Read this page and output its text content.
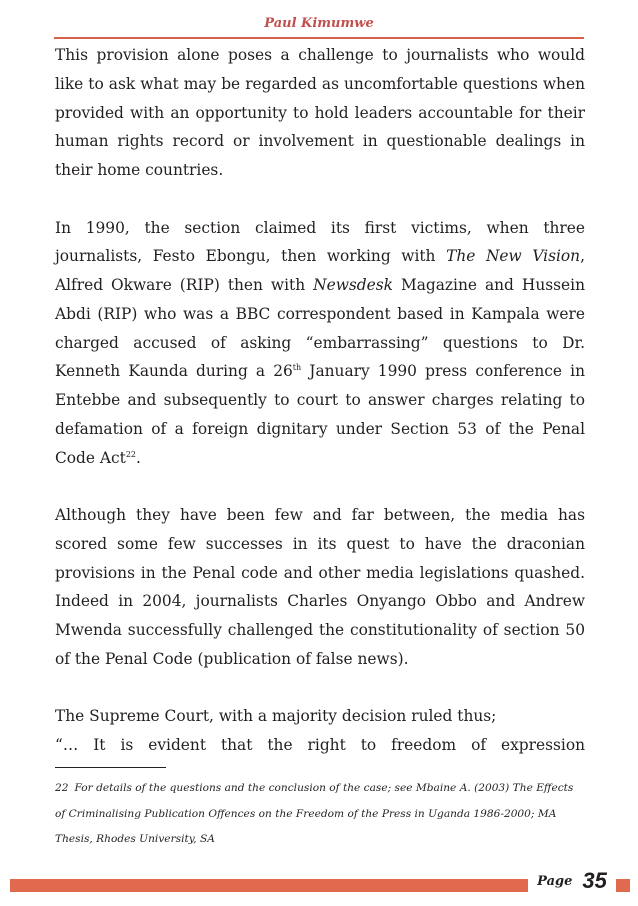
Paul Kimumwe

This provision alone poses a challenge to journalists who would like to ask what may be regarded as uncomfortable questions when provided with an opportunity to hold leaders accountable for their human rights record or involvement in questionable dealings in their home countries.

In 1990, the section claimed its first victims, when three journalists, Festo Ebongu, then working with The New Vision, Alfred Okware (RIP) then with Newsdesk Magazine and Hussein Abdi (RIP) who was a BBC correspondent based in Kampala were charged accused of asking “embarrassing” questions to Dr. Kenneth Kaunda during a 26th January 1990 press conference in Entebbe and subsequently to court to answer charges relating to defamation of a foreign dignitary under Section 53 of the Penal Code Act$^{22}$.

Although they have been few and far between, the media has scored some few successes in its quest to have the draconian provisions in the Penal code and other media legislations quashed. Indeed in 2004, journalists Charles Onyango Obbo and Andrew Mwenda successfully challenged the constitutionality of section 50 of the Penal Code (publication of false news).

The Supreme Court, with a majority decision ruled thus;

“… It is evident that the right to freedom of expression

22 For details of the questions and the conclusion of the case; see Mbaine A. (2003) The Effects of Criminalising Publication Offences on the Freedom of the Press in Uganda 1986-2000; MA Thesis, Rhodes University, SA

Page 35
